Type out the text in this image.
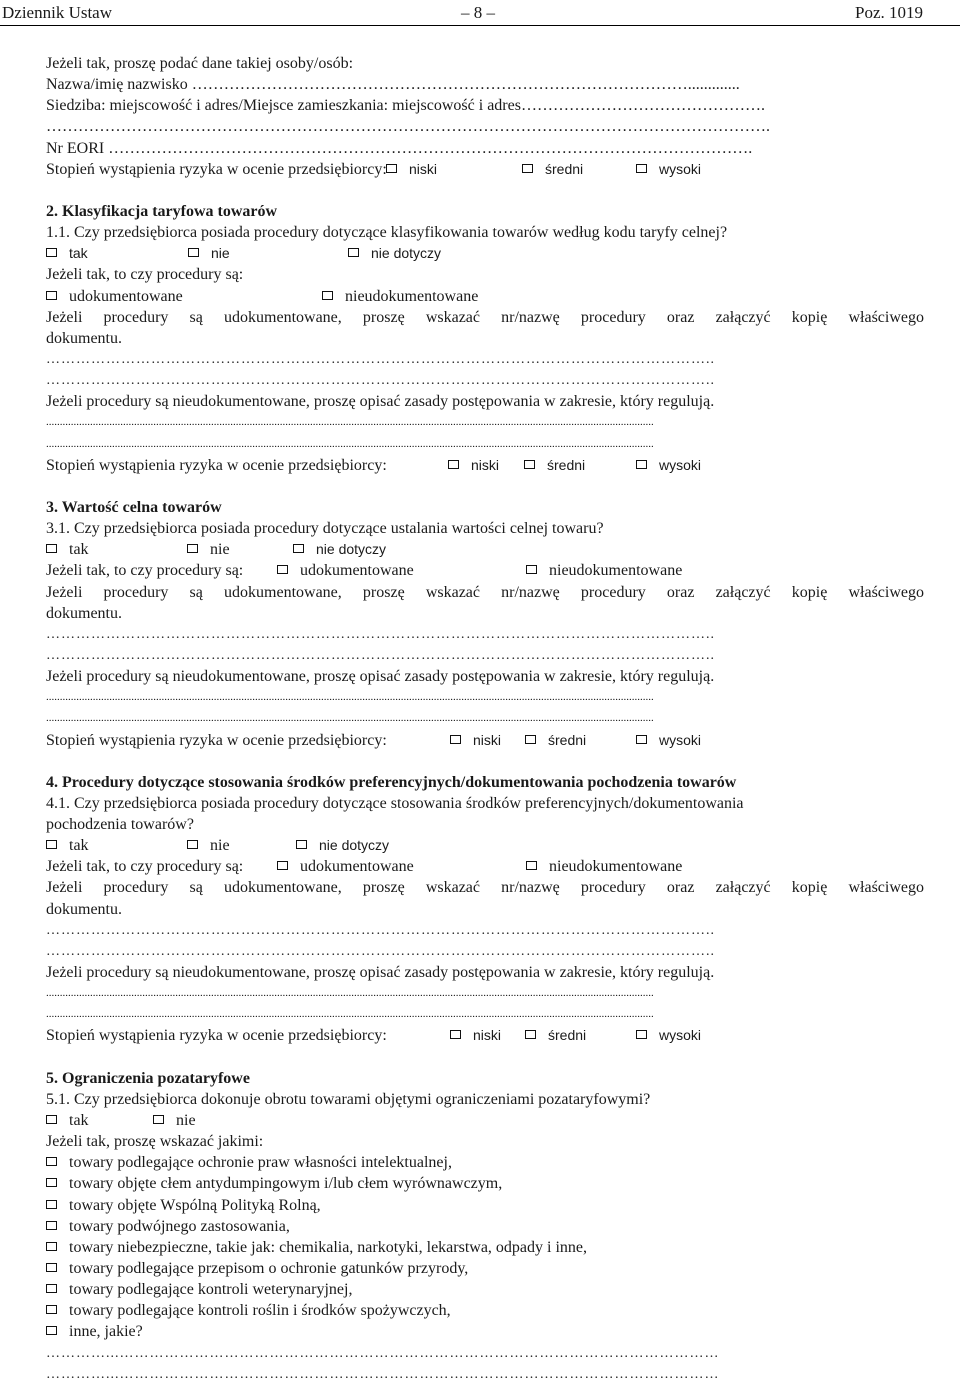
Dziennik Ustaw	– 8 –	Poz. 1019
Jeżeli tak, proszę podać dane takiej osoby/osób:
Nazwa/imię nazwisko ………………………………………………………………………………….............
Siedziba: miejscowość i adres/Miejsce zamieszkania: miejscowość i adres……………………………………….
……………………………………………………………………………………………………………………….
Nr EORI ………………………………………………………………………………………………………….
Stopień wystąpienia ryzyka w ocenie przedsiębiorcy:	niski	średni	wysoki
2. Klasyfikacja taryfowa towarów
1.1. Czy przedsiębiorca posiada procedury dotyczące klasyfikowania towarów według kodu taryfy celnej?
tak	nie	nie dotyczy
Jeżeli tak, to czy procedury są:
udokumentowane	nieudokumentowane
Jeżeli procedury są udokumentowane, proszę wskazać nr/nazwę procedury oraz załączyć kopię właściwego
dokumentu.
……………………………………………………………………………………………………………………..
……………………………………………………………………………………………………………………..
Jeżeli procedury są nieudokumentowane, proszę opisać zasady postępowania w zakresie, który regulują.
.............................................................................................................................................................................................................................
.............................................................................................................................................................................................................................
Stopień wystąpienia ryzyka w ocenie przedsiębiorcy:	niski	średni	wysoki
3. Wartość celna towarów
3.1. Czy przedsiębiorca posiada procedury dotyczące ustalania wartości celnej towaru?
tak	nie	nie dotyczy
Jeżeli tak, to czy procedury są:	udokumentowane	nieudokumentowane
Jeżeli procedury są udokumentowane, proszę wskazać nr/nazwę procedury oraz załączyć kopię właściwego
dokumentu.
……………………………………………………………………………………………………………………..
……………………………………………………………………………………………………………………..
Jeżeli procedury są nieudokumentowane, proszę opisać zasady postępowania w zakresie, który regulują.
.............................................................................................................................................................................................................................
.............................................................................................................................................................................................................................
Stopień wystąpienia ryzyka w ocenie przedsiębiorcy:	niski	średni	wysoki
4. Procedury dotyczące stosowania środków preferencyjnych/dokumentowania pochodzenia towarów
4.1. Czy przedsiębiorca posiada procedury dotyczące stosowania środków preferencyjnych/dokumentowania
pochodzenia towarów?
tak	nie	nie dotyczy
Jeżeli tak, to czy procedury są:	udokumentowane	nieudokumentowane
Jeżeli procedury są udokumentowane, proszę wskazać nr/nazwę procedury oraz załączyć kopię właściwego
dokumentu.
……………………………………………………………………………………………………………………..
……………………………………………………………………………………………………………………..
Jeżeli procedury są nieudokumentowane, proszę opisać zasady postępowania w zakresie, który regulują.
.............................................................................................................................................................................................................................
.............................................................................................................................................................................................................................
Stopień wystąpienia ryzyka w ocenie przedsiębiorcy:	niski	średni	wysoki
5. Ograniczenia pozataryfowe
5.1. Czy przedsiębiorca dokonuje obrotu towarami objętymi ograniczeniami pozataryfowymi?
tak	nie
Jeżeli tak, proszę wskazać jakimi:
towary podlegające ochronie praw własności intelektualnej,
towary objęte cłem antydumpingowym i/lub cłem wyrównawczym,
towary objęte Wspólną Polityką Rolną,
towary podwójnego zastosowania,
towary niebezpieczne, takie jak: chemikalia, narkotyki, lekarstwa, odpady i inne,
towary podlegające przepisom o ochronie gatunków przyrody,
towary podlegające kontroli weterynaryjnej,
towary podlegające kontroli roślin i środków spożywczych,
inne, jakie?
…………...…………………………………………………………………………………………………………
…………...…………………………………………………………………………………………………………
